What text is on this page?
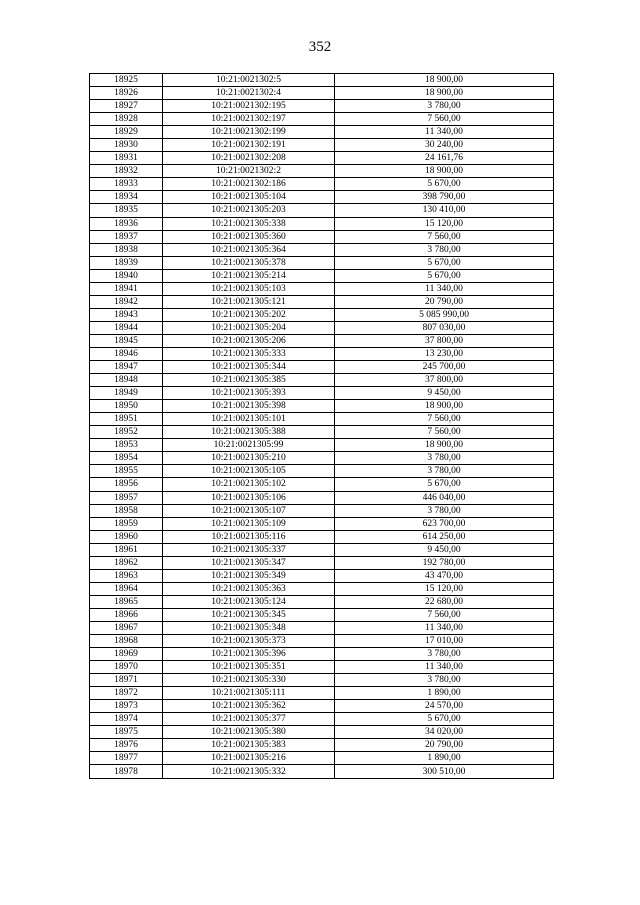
352
18925	10:21:0021302:5	18 900,00
18926	10:21:0021302:4	18 900,00
18927	10:21:0021302:195	3 780,00
18928	10:21:0021302:197	7 560,00
18929	10:21:0021302:199	11 340,00
18930	10:21:0021302:191	30 240,00
18931	10:21:0021302:208	24 161,76
18932	10:21:0021302:2	18 900,00
18933	10:21:0021302:186	5 670,00
18934	10:21:0021305:104	398 790,00
18935	10:21:0021305:203	130 410,00
18936	10:21:0021305:338	15 120,00
18937	10:21:0021305:360	7 560,00
18938	10:21:0021305:364	3 780,00
18939	10:21:0021305:378	5 670,00
18940	10:21:0021305:214	5 670,00
18941	10:21:0021305:103	11 340,00
18942	10:21:0021305:121	20 790,00
18943	10:21:0021305:202	5 085 990,00
18944	10:21:0021305:204	807 030,00
18945	10:21:0021305:206	37 800,00
18946	10:21:0021305:333	13 230,00
18947	10:21:0021305:344	245 700,00
18948	10:21:0021305:385	37 800,00
18949	10:21:0021305:393	9 450,00
18950	10:21:0021305:398	18 900,00
18951	10:21:0021305:101	7 560,00
18952	10:21:0021305:388	7 560,00
18953	10:21:0021305:99	18 900,00
18954	10:21:0021305:210	3 780,00
18955	10:21:0021305:105	3 780,00
18956	10:21:0021305:102	5 670,00
18957	10:21:0021305:106	446 040,00
18958	10:21:0021305:107	3 780,00
18959	10:21:0021305:109	623 700,00
18960	10:21:0021305:116	614 250,00
18961	10:21:0021305:337	9 450,00
18962	10:21:0021305:347	192 780,00
18963	10:21:0021305:349	43 470,00
18964	10:21:0021305:363	15 120,00
18965	10:21:0021305:124	22 680,00
18966	10:21:0021305:345	7 560,00
18967	10:21:0021305:348	11 340,00
18968	10:21:0021305:373	17 010,00
18969	10:21:0021305:396	3 780,00
18970	10:21:0021305:351	11 340,00
18971	10:21:0021305:330	3 780,00
18972	10:21:0021305:111	1 890,00
18973	10:21:0021305:362	24 570,00
18974	10:21:0021305:377	5 670,00
18975	10:21:0021305:380	34 020,00
18976	10:21:0021305:383	20 790,00
18977	10:21:0021305:216	1 890,00
18978	10:21:0021305:332	300 510,00
